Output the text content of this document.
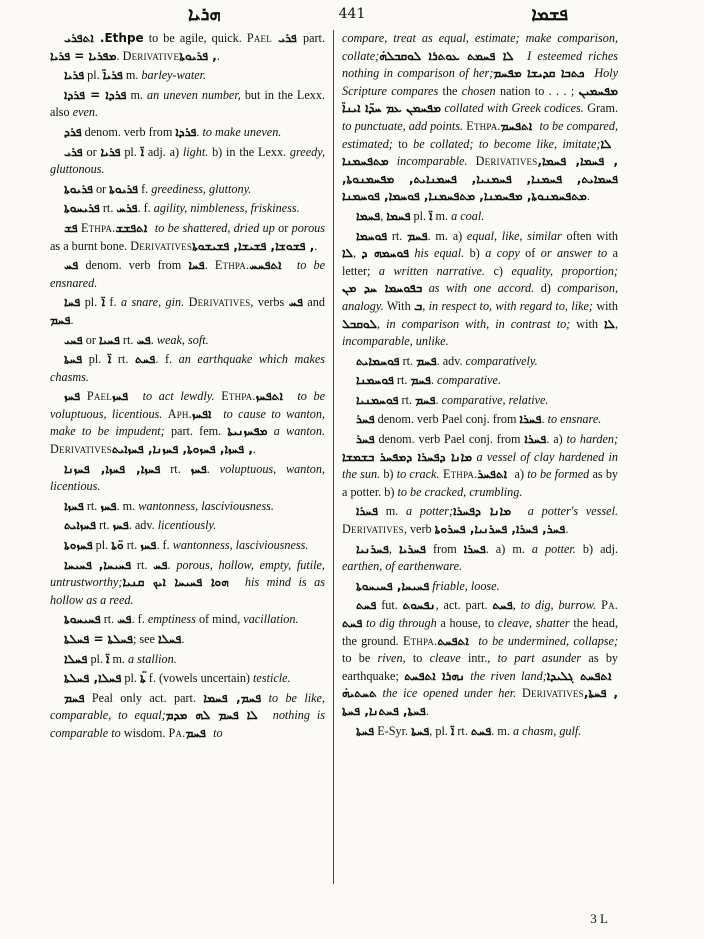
ܗܪܝܐ	441	ܦܫܡܐ
Ethpe. ܐܬܦܪܝ to be agile, quick. Pael ܦܪܝ part. ܡܦܪܝܐ = ܦܪܝܐ. Derivative, ܦܪܝܘܬܐ.
ܦܪܝܐ pl. ܦܪܝܐ̈ m. barley-water.
ܦܪܕܐ = ܦܪܕܐ m. an uneven number, but in the Lexx. also even.
ܦܪܕ denom. verb from ܦܪܕܐ. to make uneven.
ܦܪܝ or ܦܪܝܐ pl. ܐ̈ adj. a) light. b) in the Lexx. greedy, gluttonous.
ܦܪܝܘܬܐ or ܦܪܝܘܬܐ f. greediness, gluttony.
ܦܪܝܚܘܬܐ rt. ܦܪܚ. f. agility, nimbleness, friskiness.
ܦܫ Ethpa. ܐܬܦܫܫ to be shattered, dried up or porous as a burnt bone. Derivatives, ܦܫܘܫܐ, ܦܫܝܫܐ, ܦܫܝܫܘܬܐ.
ܦܚ denom. verb from ܦܚܐ. Ethpa. ܐܬܦܚܚ to be ensnared.
ܦܚܐ pl. ܐ̈ f. a snare, gin. Derivatives, verbs ܦܚ and ܦܚܡ.
ܦܚܝ or ܦܚܝܐ rt. ܦܚ. weak, soft.
ܦܚܬܐ pl. ܐ̈ rt. ܦܚܬ. f. an earthquake which makes chasms.
ܦܚܙ Pael ܦܚܙ to act lewdly. Ethpa. ܐܬܦܚܙ to be voluptuous, licentious. Aph. ܐܦܚܙ to cause to wanton, make to be impudent; part. fem. ܡܦܚܙܢܝܬܐ a wanton. Derivatives, ܦܚܙܐ, ܦܚܙܘܬܐ, ܦܚܙܢܐ, ܦܚܙܐܝܬ.
ܦܚܙܐ, ܦܚܙܐ, ܦܚܙܢܐ rt. ܦܚܙ. voluptuous, wanton, licentious.
ܦܚܙܐ rt. ܦܚܙ. m. wantonness, lasciviousness.
ܦܚܙܐܝܬ rt. ܦܚܙ. adv. licentiously.
ܦܚܙܘܬܐ pl. ܘ̈ܬܐ rt. ܦܚܙ. f. wantonness, lasciviousness.
ܦܚܝܚܐ, ܦܚܝܚܐ rt. ܦܚ. porous, hollow, empty, futile, untrustworthy; ܗܘܐ ܦܚܝܚܐ ܐܝܟ ܩܢܝܐ his mind is as hollow as a reed.
ܦܚܝܚܘܬܐ rt. ܦܚ. f. emptiness of mind, vacillation.
ܦܚܠܬܐ = ܦܚܠܬܐ; see ܦܚܠܐ.
ܦܚܠܐ pl. ܐ̈ m. a stallion.
ܦܚܠܐ, ܦܚܠܬܐ pl. ܬܐ̈ f. (vowels uncertain) testicle.
ܦܚܡ Peal only act. part. ܦܚܡ, ܦܚܡܐ to be like, comparable, to equal; ܠܐ ܦܚܡ ܠܗ ܡܕܡ nothing is comparable to wisdom. Pa. ܦܚܡ to
compare, treat as equal, estimate; make comparison, collate; ܠܐ ܦܚܡܬ ܥܘܬܪܐ ܠܘܩܒܠܗ̇ I esteemed riches nothing in comparison of her; ܟܬܒܐ ܩܕܝܫܐ ܡܦܚܡ Holy Scripture compares the chosen nation to . . . ; ܡܦܚܡܝܢ ܡܦܚܡܢ ܥܡ ܚܕ̈ܐ ܐܝܢܐ̈ collated with Greek codices. Gram. to punctuate, add points. Ethpa. ܐܬܦܚܡ to be compared, estimated; to be collated; to become like, imitate; ܠܐ ܡܬܦܚܡܢܐ incomparable. Derivatives, ܦܚܡܐ, ܦܚܡܐ, ܦܚܡܐܝܬ, ܦܚܡܢܐ, ܦܚܡܢܝܐ, ܦܚܡܢܐܝܬ, ܡܦܚܡܢܘܬܐ, ܡܬܦܚܡܢܘܬܐ, ܡܦܚܡܢܐ, ܡܬܦܚܡܢܐ, ܦܘܚܡܐ, ܦܘܚܡܢܐ.
ܦܚܡܐ, ܦܚܡܐ pl. ܐ̈ m. a coal.
ܦܘܚܡܐ rt. ܦܚܡ. m. a) equal, like, similar often with ܠܐ, ܦܘܚܡܗ ܕ his equal. b) a copy of or answer to a letter; a written narrative. c) equality, proportion; ܒܦܘܚܡܐ ܚܕ ܡܢ as with one accord. d) comparison, analogy. With ܒ, in respect to, with regard to, like; with ܠܘܩܒܠ, in comparison with, in contrast to; with ܠܐ, incomparable, unlike.
ܦܘܚܡܐܝܬ rt. ܦܚܡ. adv. comparatively.
ܦܘܚܡܢܐ rt. ܦܚܡ. comparative.
ܦܘܚܡܢܝܐ rt. ܦܚܡ. comparative, relative.
ܦܚܪ denom. verb Pael conj. from ܦܚܪܐ. to ensnare.
ܦܚܪ denom. verb Pael conj. from ܦܚܪܐ. a) to harden; ܡܐܢܐ ܕܦܚܪܐ ܕܡܦܚܪ ܒܫܡܫܐ a vessel of clay hardened in the sun. b) to crack. Ethpa. ܐܬܦܚܪ a) to be formed as by a potter. b) to be cracked, crumbling.
ܦܚܪܐ m. a potter; ܡܐܢܐ ܕܦܚܪܐ a potter's vessel. Derivatives, verb ܦܚܪ, ܦܚܪܐ, ܦܚܪܢܝܐ, ܦܚܪܘܬܐ.
ܦܚܪܢܝܐ, ܦܚܪܝܐ from ܦܚܪܐ. a) m. a potter. b) adj. earthen, of earthenware.
ܦܚܝܚܐ, ܦܚܝܚܘܬܐ friable, loose.
ܦܚܬ fut. ܢܦܚܘܬ, act. part. ܦܚܬ, to dig, burrow. Pa. ܦܚܬ to dig through a house, to cleave, shatter the head, the ground. Ethpa. ܐܬܦܚܬ to be undermined, collapse; to be riven, to cleave intr., to part asunder as by earthquake; ܢܗܪܐ ܐܬܦܚܬ the riven land; ܐܬܦܚܬ ܓܠܝܕܐ ܬܚܬܝܗ̇ the ice opened under her. Derivatives, ܦܚܬܐ, ܦܚܬܐ, ܦܚܬܢܐ, ܦܚܬܐ.
ܦܚܬܐ E-Syr. ܦܚܬܐ, pl. ܐ̈ rt. ܦܚܬ. m. a chasm, gulf.
3 L
